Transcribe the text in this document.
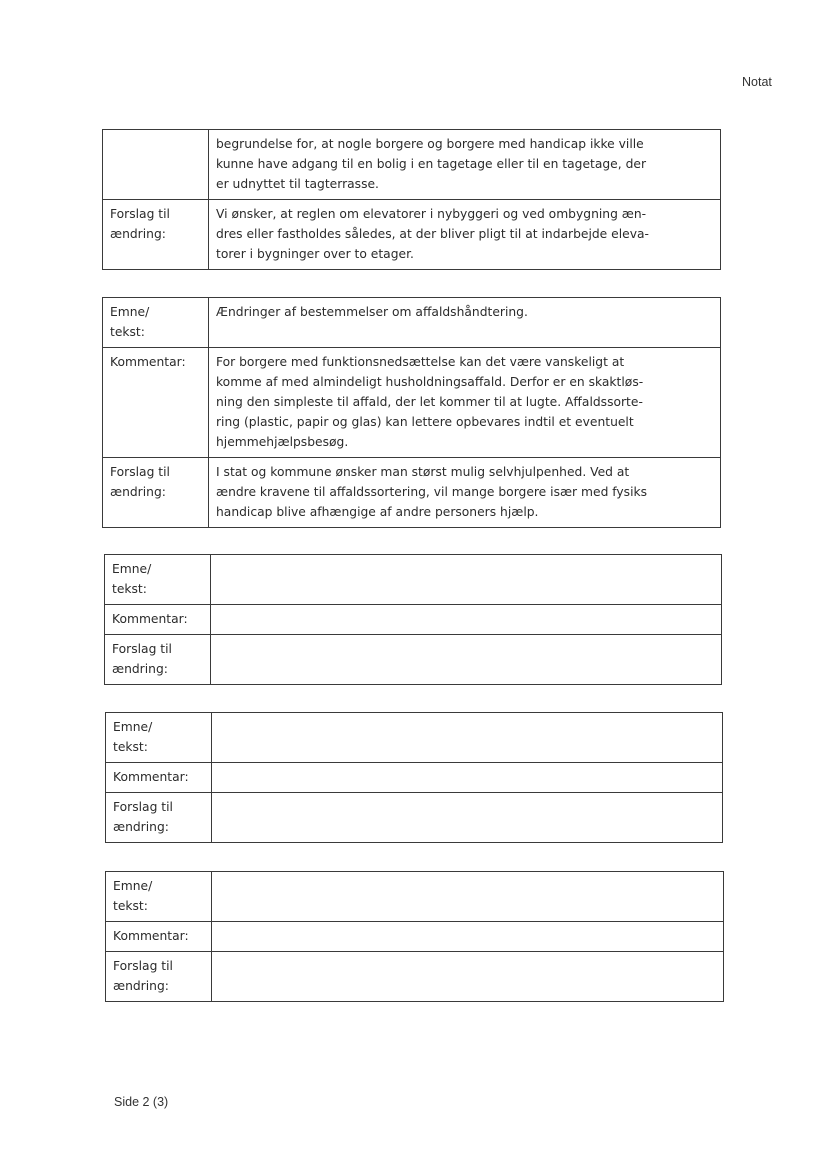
Notat

	begrundelse for, at nogle borgere og borgere med handicap ikke ville
kunne have adgang til en bolig i en tagetage eller til en tagetage, der
er udnyttet til tagterrasse.

Forslag til
ændring:	Vi ønsker, at reglen om elevatorer i nybyggeri og ved ombygning æn-
dres eller fastholdes således, at der bliver pligt til at indarbejde eleva-
torer i bygninger over to etager.
Emne/
tekst:	Ændringer af bestemmelser om affaldshåndtering.

Kommentar:	For borgere med funktionsnedsættelse kan det være vanskeligt at
komme af med almindeligt husholdningsaffald. Derfor er en skaktløs-
ning den simpleste til affald, der let kommer til at lugte. Affaldssorte-
ring (plastic, papir og glas) kan lettere opbevares indtil et eventuelt
hjemmehjælpsbesøg.

Forslag til
ændring:	I stat og kommune ønsker man størst mulig selvhjulpenhed. Ved at
ændre kravene til affaldssortering, vil mange borgere især med fysiks
handicap blive afhængige af andre personers hjælp.
Emne/
tekst:	

Kommentar:	

Forslag til
ændring:	
Emne/
tekst:	

Kommentar:	

Forslag til
ændring:	
Emne/
tekst:	

Kommentar:	

Forslag til
ændring:	
Side 2 (3)
